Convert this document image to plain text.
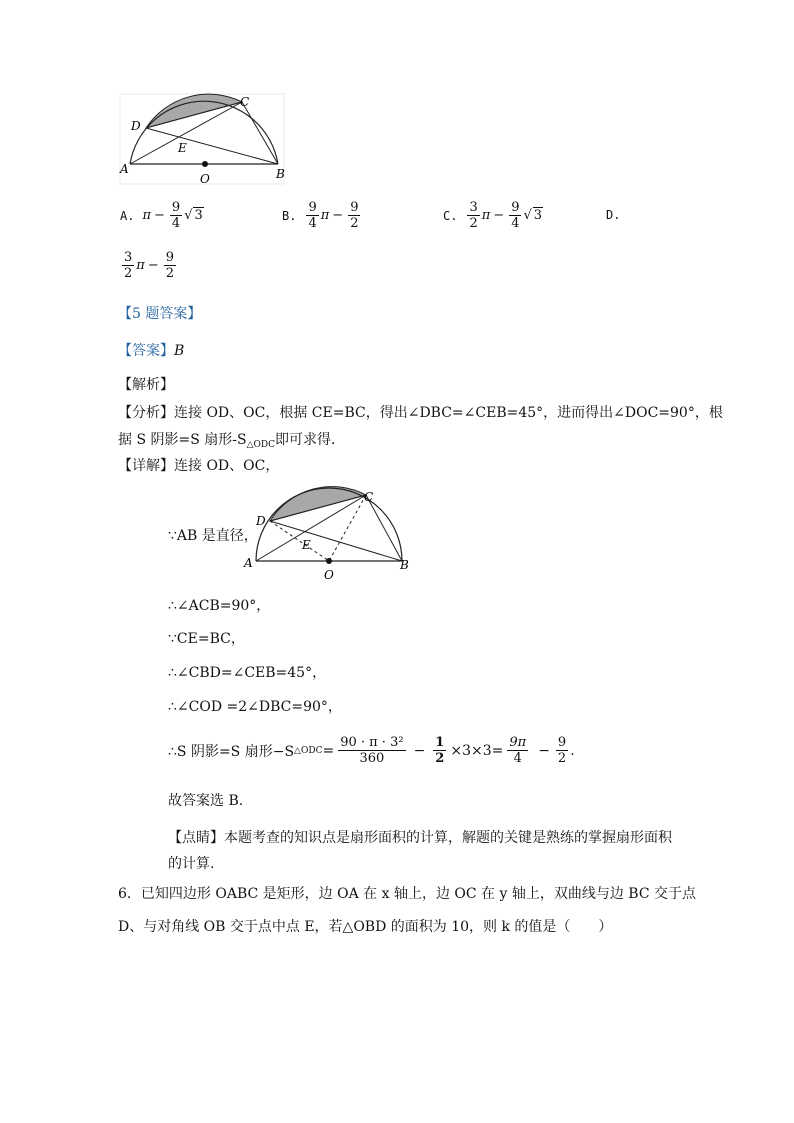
A	B
C
D
E
O
A. $\pi - \frac{9}{4}$ √ 3	B. $\frac{9}{4}$ $\pi - \frac{9}{2}$	C. $\frac{3}{2}$ $\pi - \frac{9}{4}$ √ 3	D.
$\frac{3}{2}$ $\pi - \frac{9}{2}$
【5 题答案】
【答案】B
【解析】
【分析】连接 OD、OC，根据 CE=BC，得出∠DBC=∠CEB=45°，进而得出∠DOC=90°，根
据 S 阴影=S 扇形$-S_{\triangle ODC}$即可求得．
【详解】连接 OD、OC，
A	B
C
D
E
O
∵AB 是直径，
∴∠ACB=90°，
∵CE=BC，
∴∠CBD=∠CEB=45°，
∴∠COD =2∠DBC=90°，
∴S 阴影=S 扇形−S △ODC = $\frac{\text{90 · π · 3²}}{360} - \frac{1}{2} \times 3\times 3= \frac{9\pi}{4} - \frac{9}{2}$ .
故答案选 B.
【点睛】本题考查的知识点是扇形面积的计算，解题的关键是熟练的掌握扇形面积
的计算.
6．已知四边形 OABC 是矩形，边 OA 在 x 轴上，边 OC 在 y 轴上，双曲线与边 BC 交于点
D、与对角线 OB 交于点中点 E，若△OBD 的面积为 10，则 k 的值是（　　）
